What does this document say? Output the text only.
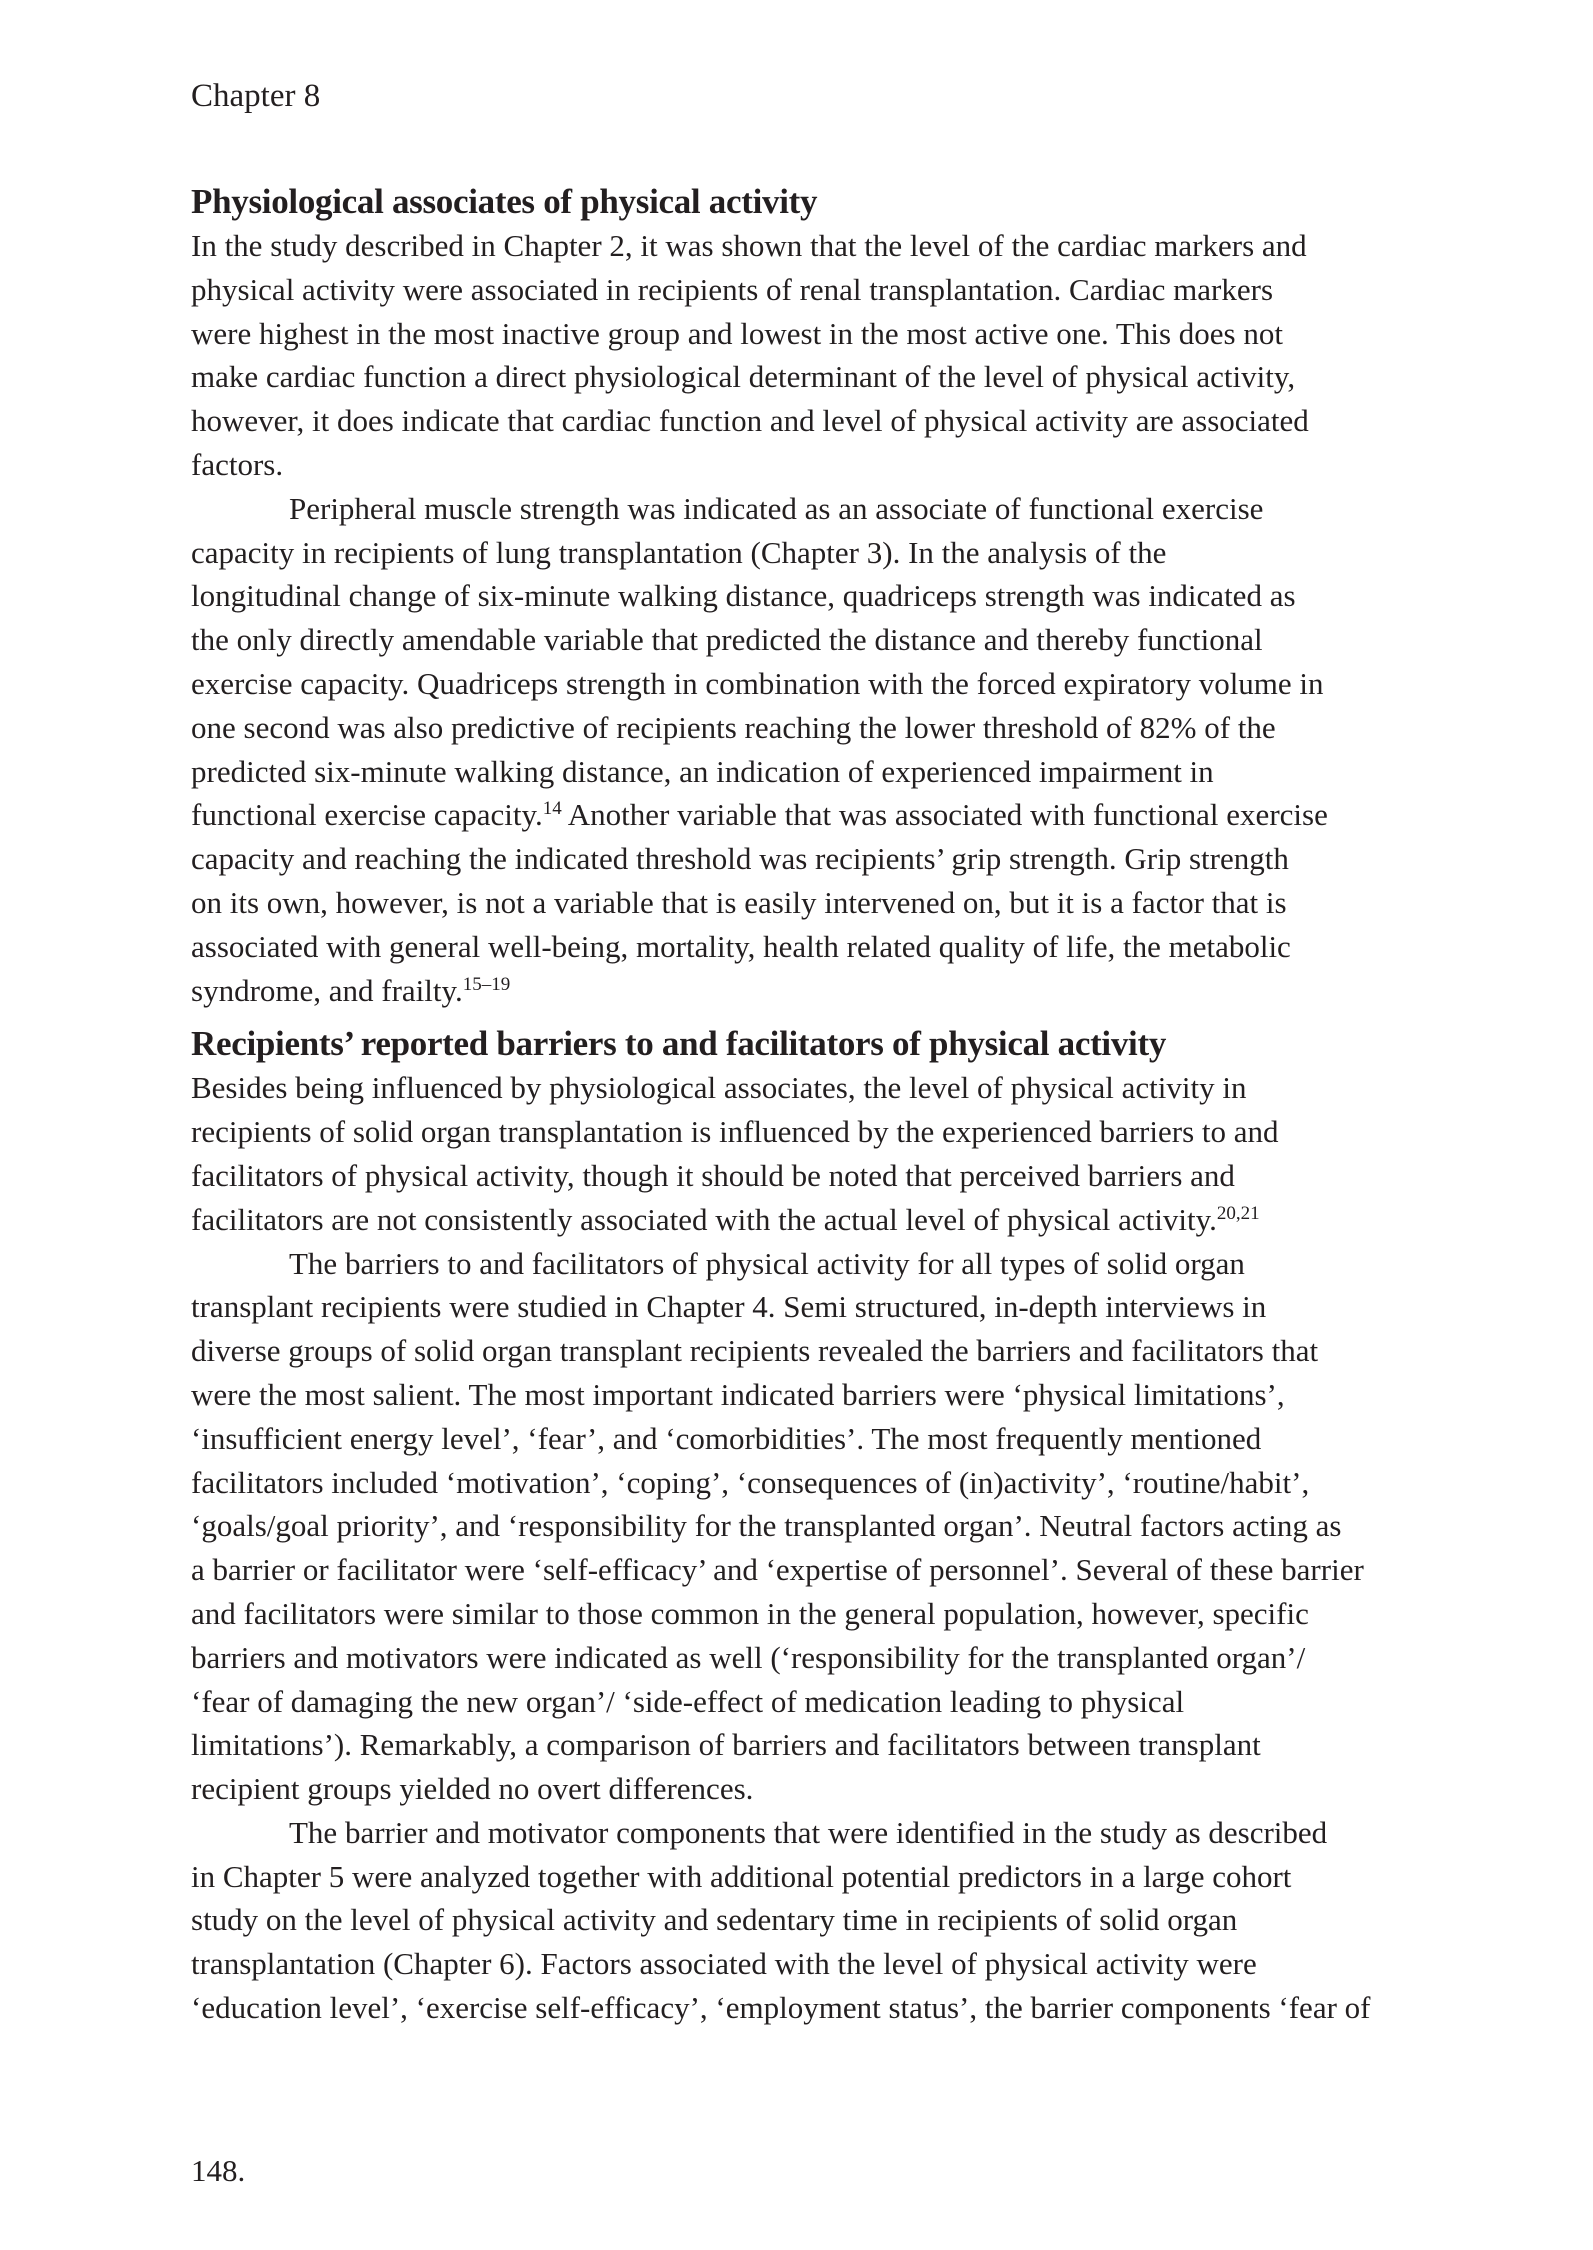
Chapter 8
Physiological associates of physical activity

In the study described in Chapter 2, it was shown that the level of the cardiac markers and
physical activity were associated in recipients of renal transplantation. Cardiac markers
were highest in the most inactive group and lowest in the most active one. This does not
make cardiac function a direct physiological determinant of the level of physical activity,
however, it does indicate that cardiac function and level of physical activity are associated
factors.

Peripheral muscle strength was indicated as an associate of functional exercise
capacity in recipients of lung transplantation (Chapter 3). In the analysis of the
longitudinal change of six-minute walking distance, quadriceps strength was indicated as
the only directly amendable variable that predicted the distance and thereby functional
exercise capacity. Quadriceps strength in combination with the forced expiratory volume in
one second was also predictive of recipients reaching the lower threshold of 82% of the
predicted six-minute walking distance, an indication of experienced impairment in
functional exercise capacity.$^{14}$ Another variable that was associated with functional exercise
capacity and reaching the indicated threshold was recipients’ grip strength. Grip strength
on its own, however, is not a variable that is easily intervened on, but it is a factor that is
associated with general well-being, mortality, health related quality of life, the metabolic
syndrome, and frailty.$^{15-19}$

Recipients’ reported barriers to and facilitators of physical activity

Besides being influenced by physiological associates, the level of physical activity in
recipients of solid organ transplantation is influenced by the experienced barriers to and
facilitators of physical activity, though it should be noted that perceived barriers and
facilitators are not consistently associated with the actual level of physical activity.$^{20,21}$

The barriers to and facilitators of physical activity for all types of solid organ
transplant recipients were studied in Chapter 4. Semi structured, in-depth interviews in
diverse groups of solid organ transplant recipients revealed the barriers and facilitators that
were the most salient. The most important indicated barriers were ‘physical limitations’,
‘insufficient energy level’, ‘fear’, and ‘comorbidities’. The most frequently mentioned
facilitators included ‘motivation’, ‘coping’, ‘consequences of (in)activity’, ‘routine/habit’,
‘goals/goal priority’, and ‘responsibility for the transplanted organ’. Neutral factors acting as
a barrier or facilitator were ‘self-efficacy’ and ‘expertise of personnel’. Several of these barrier
and facilitators were similar to those common in the general population, however, specific
barriers and motivators were indicated as well (‘responsibility for the transplanted organ’/
‘fear of damaging the new organ’/ ‘side-effect of medication leading to physical
limitations’). Remarkably, a comparison of barriers and facilitators between transplant
recipient groups yielded no overt differences.

The barrier and motivator components that were identified in the study as described
in Chapter 5 were analyzed together with additional potential predictors in a large cohort
study on the level of physical activity and sedentary time in recipients of solid organ
transplantation (Chapter 6). Factors associated with the level of physical activity were
‘education level’, ‘exercise self-efficacy’, ‘employment status’, the barrier components ‘fear of

148.
